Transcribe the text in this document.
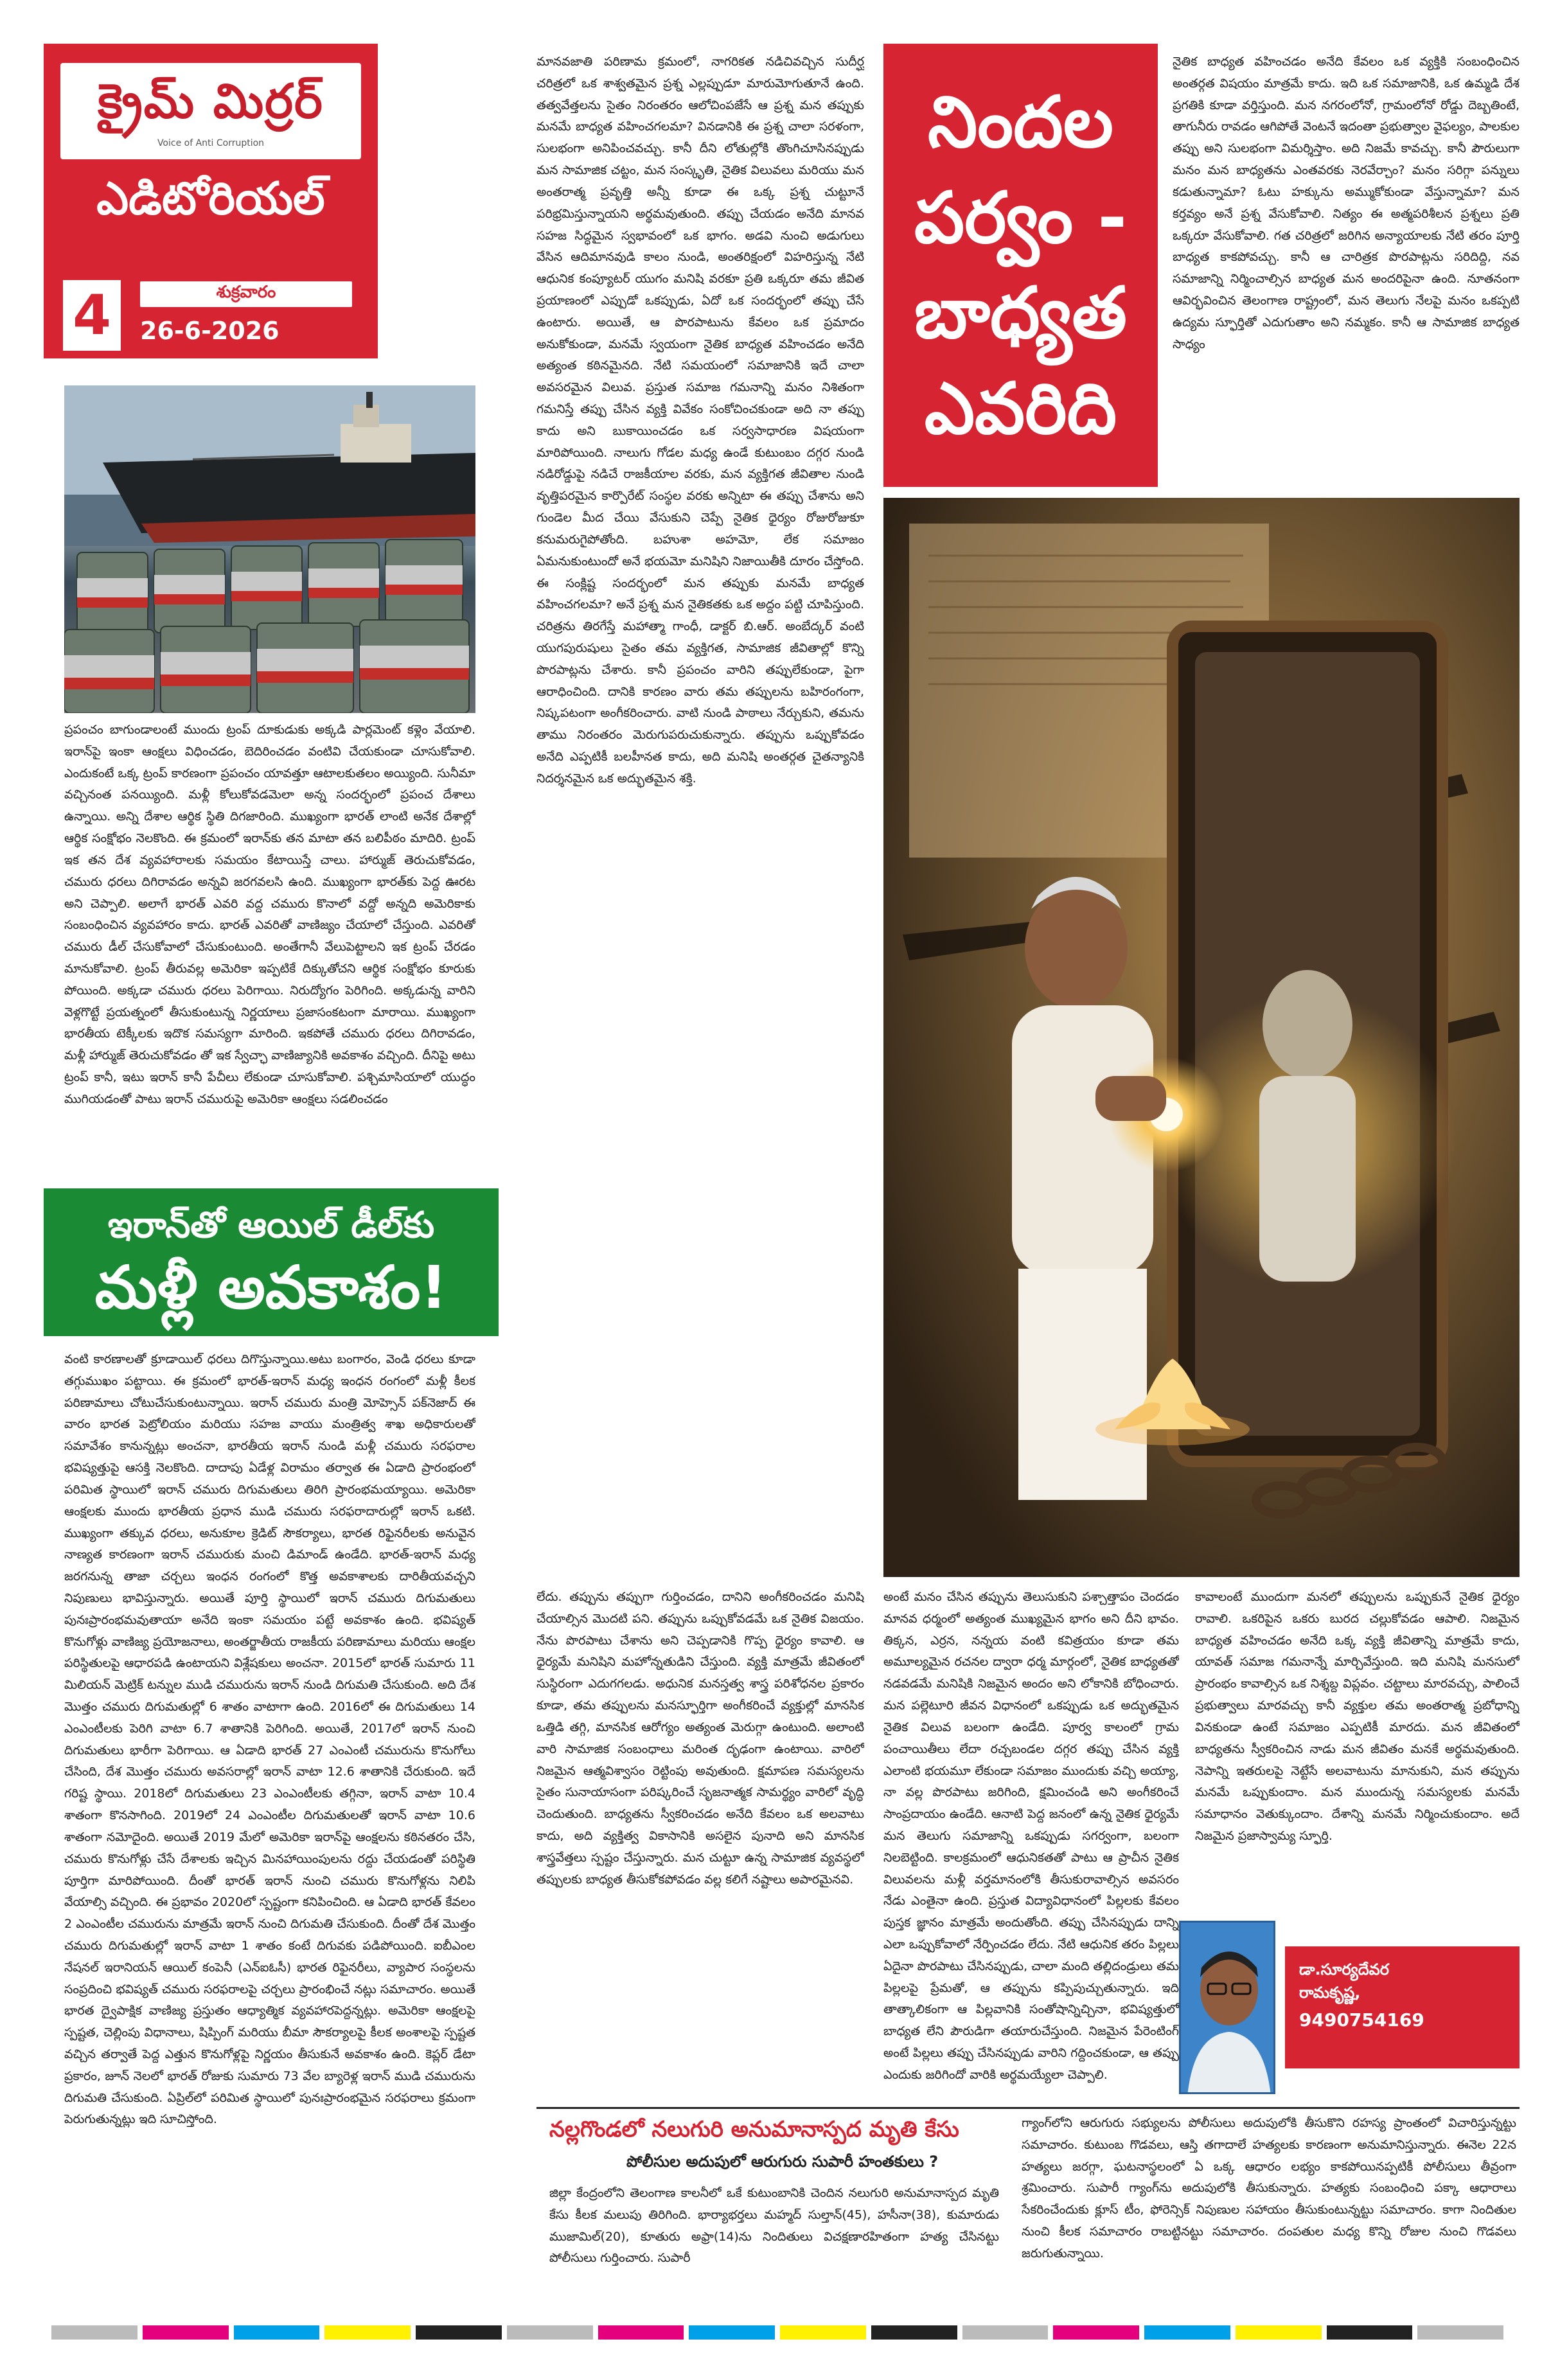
క్రైమ్ మిర్రర్
Voice of Anti Corruption
ఎడిటోరియల్
4	శుక్రవారం
26-6-2026

ప్రపంచం బాగుండాలంటే ముందు ట్రంప్ దూకుడుకు అక్కడి పార్లమెంట్ కళ్లెం వేయాలి. ఇరాన్‌పై ఇంకా ఆంక్షలు విధించడం, బెదిరించడం వంటివి చేయకుండా చూసుకోవాలి. ఎందుకంటే ఒక్క ట్రంప్ కారణంగా ప్రపంచం యావత్తూ ఆటాలకుతలం అయ్యింది. సునీమా వచ్చినంత పనయ్యింది. మళ్లీ కోలుకోవడమెలా అన్న సందర్భంలో ప్రపంచ దేశాలు ఉన్నాయి. అన్ని దేశాల ఆర్థిక స్థితి దిగజారింది. ముఖ్యంగా భారత్ లాంటి అనేక దేశాల్లో ఆర్థిక సంక్షోభం నెలకొంది. ఈ క్రమంలో ఇరాన్‌కు తన మాటా తన బలిపీఠం మాదిరి. ట్రంప్ ఇక తన దేశ వ్యవహారాలకు సమయం కేటాయిస్తే చాలు. హార్ముజ్ తెరుచుకోవడం, చమురు ధరలు దిగిరావడం అన్నవి జరగవలసి ఉంది. ముఖ్యంగా భారత్‌కు పెద్ద ఊరట అని చెప్పాలి. అలాగే భారత్ ఎవరి వద్ద చమురు కొనాలో వద్దో అన్నది అమెరికాకు సంబంధించిన వ్యవహారం కాదు. భారత్ ఎవరితో వాణిజ్యం చేయాలో చేస్తుంది. ఎవరితో చమురు డీల్ చేసుకోవాలో చేసుకుంటుంది. అంతేగానీ వేలుపెట్టాలని ఇక ట్రంప్ చేరడం మానుకోవాలి. ట్రంప్ తీరువల్ల అమెరికా ఇప్పటికే దిక్కుతోచని ఆర్థిక సంక్షోభం కూరుకు పోయింది. అక్కడా చమురు ధరలు పెరిగాయి. నిరుద్యోగం పెరిగింది. అక్కడున్న వారిని వెళ్లగొట్టే ప్రయత్నంలో తీసుకుంటున్న నిర్ణయాలు ప్రజాసంకటంగా మారాయి. ముఖ్యంగా భారతీయ టెక్కీలకు ఇదొక సమస్యగా మారింది. ఇకపోతే చమురు ధరలు దిగిరావడం, మళ్లీ హార్ముజ్ తెరుచుకోవడం తో ఇక స్వేచ్ఛా వాణిజ్యానికి అవకాశం వచ్చింది. దీనిపై అటు ట్రంప్ కానీ, ఇటు ఇరాన్ కానీ పేచీలు లేకుండా చూసుకోవాలి. పశ్చిమాసియాలో యుద్ధం ముగియడంతో పాటు ఇరాన్ చమురుపై అమెరికా ఆంక్షలు సడలించడం

ఇరాన్‌తో ఆయిల్ డీల్‌కు
మళ్లీ అవకాశం!

వంటి కారణాలతో క్రూడాయిల్ ధరలు దిగొస్తున్నాయి.అటు బంగారం, వెండి ధరలు కూడా తగ్గుముఖం పట్టాయి. ఈ క్రమంలో భారత్-ఇరాన్ మధ్య ఇంధన రంగంలో మళ్లీ కీలక పరిణామాలు చోటుచేసుకుంటున్నాయి. ఇరాన్ చమురు మంత్రి మోహ్సెన్ పక్‌నెజాద్ ఈ వారం భారత పెట్రోలియం మరియు సహజ వాయు మంత్రిత్వ శాఖ అధికారులతో సమావేశం కానున్నట్లు అంచనా, భారతీయ ఇరాన్ నుండి మళ్లీ చమురు సరఫరాల భవిష్యత్తుపై ఆసక్తి నెలకొంది. దాదాపు ఏడేళ్ల విరామం తర్వాత ఈ ఏడాది ప్రారంభంలో పరిమిత స్థాయిలో ఇరాన్ చమురు దిగుమతులు తిరిగి ప్రారంభమయ్యాయి. అమెరికా ఆంక్షలకు ముందు భారతీయ ప్రధాన ముడి చమురు సరఫరాదారుల్లో ఇరాన్ ఒకటి. ముఖ్యంగా తక్కువ ధరలు, అనుకూల క్రెడిట్ సౌకర్యాలు, భారత రిఫైనరీలకు అనువైన నాణ్యత కారణంగా ఇరాన్ చమురుకు మంచి డిమాండ్ ఉండేది. భారత్-ఇరాన్ మధ్య జరగనున్న తాజా చర్చలు ఇంధన రంగంలో కొత్త అవకాశాలకు దారితీయవచ్చని నిపుణులు భావిస్తున్నారు. అయితే పూర్తి స్థాయిలో ఇరాన్ చమురు దిగుమతులు పునఃప్రారంభమవుతాయా అనేది ఇంకా సమయం పట్టే అవకాశం ఉంది. భవిష్యత్ కొనుగోళ్లు వాణిజ్య ప్రయోజనాలు, అంతర్జాతీయ రాజకీయ పరిణామాలు మరియు ఆంక్షల పరిస్థితులపై ఆధారపడి ఉంటాయని విశ్లేషకులు అంచనా. 2015లో భారత్ సుమారు 11 మిలియన్ మెట్రిక్ టన్నుల ముడి చమురును ఇరాన్ నుండి దిగుమతి చేసుకుంది. అది దేశ మొత్తం చమురు దిగుమతుల్లో 6 శాతం వాటాగా ఉంది. 2016లో ఈ దిగుమతులు 14 ఎంఎంటీలకు పెరిగి వాటా 6.7 శాతానికి పెరిగింది. అయితే, 2017లో ఇరాన్ నుంచి దిగుమతులు భారీగా పెరిగాయి. ఆ ఏడాది భారత్ 27 ఎంఎంటీ చమురును కొనుగోలు చేసింది, దేశ మొత్తం చమురు అవసరాల్లో ఇరాన్ వాటా 12.6 శాతానికి చేరుకుంది. ఇదే గరిష్ట స్థాయి. 2018లో దిగుమతులు 23 ఎంఎంటీలకు తగ్గినా, ఇరాన్ వాటా 10.4 శాతంగా కొనసాగింది. 2019లో 24 ఎంఎంటీల దిగుమతులతో ఇరాన్ వాటా 10.6 శాతంగా నమోదైంది. అయితే 2019 మేలో అమెరికా ఇరాన్‌పై ఆంక్షలను కఠినతరం చేసి, చమురు కొనుగోళ్లు చేసే దేశాలకు ఇచ్చిన మినహాయింపులను రద్దు చేయడంతో పరిస్థితి పూర్తిగా మారిపోయింది. దీంతో భారత్ ఇరాన్ నుంచి చమురు కొనుగోళ్లను నిలిపి వేయాల్సి వచ్చింది. ఈ ప్రభావం 2020లో స్పష్టంగా కనిపించింది. ఆ ఏడాది భారత్ కేవలం 2 ఎంఎంటీల చమురును మాత్రమే ఇరాన్ నుంచి దిగుమతి చేసుకుంది. దీంతో దేశ మొత్తం చమురు దిగుమతుల్లో ఇరాన్ వాటా 1 శాతం కంటే దిగువకు పడిపోయింది. ఐబీఎంల నేషనల్ ఇరానియన్ ఆయిల్ కంపెనీ (ఎన్ఐఓసీ) భారత రిఫైనరీలు, వ్యాపార సంస్థలను సంప్రదించి భవిష్యత్ చమురు సరఫరాలపై చర్చలు ప్రారంభించే నట్లు సమాచారం. అయితే భారత ద్వైపాక్షిక వాణిజ్య ప్రస్తుతం ఆధ్యాత్మిక వ్యవహారపెద్దన్నట్లు. అమెరికా ఆంక్షలపై స్పష్టత, చెల్లింపు విధానాలు, షిప్పింగ్ మరియు బీమా సౌకర్యాలపై కీలక అంశాలపై స్పష్టత వచ్చిన తర్వాతే పెద్ద ఎత్తున కొనుగోళ్లపై నిర్ణయం తీసుకునే అవకాశం ఉంది. కెప్లర్ డేటా ప్రకారం, జూన్ నెలలో భారత్ రోజుకు సుమారు 73 వేల బ్యారెళ్ల ఇరాన్ ముడి చమురును దిగుమతి చేసుకుంది. ఏప్రిల్‌లో పరిమిత స్థాయిలో పునఃప్రారంభమైన సరఫరాలు క్రమంగా పెరుగుతున్నట్లు ఇది సూచిస్తోంది.

మానవజాతి పరిణామ క్రమంలో, నాగరికత నడిచివచ్చిన సుదీర్ఘ చరిత్రలో ఒక శాశ్వతమైన ప్రశ్న ఎల్లప్పుడూ మారుమోగుతూనే ఉంది. తత్వవేత్తలను సైతం నిరంతరం ఆలోచింపజేసే ఆ ప్రశ్న మన తప్పుకు మనమే బాధ్యత వహించగలమా? వినడానికి ఈ ప్రశ్న చాలా సరళంగా, సులభంగా అనిపించవచ్చు. కానీ దీని లోతుల్లోకి తొంగిచూసినప్పుడు మన సామాజిక చట్టం, మన సంస్కృతి, నైతిక విలువలు మరియు మన అంతరాత్మ ప్రవృత్తి అన్నీ కూడా ఈ ఒక్క ప్రశ్న చుట్టూనే పరిభ్రమిస్తున్నాయని అర్థమవుతుంది. తప్పు చేయడం అనేది మానవ సహజ సిద్ధమైన స్వభావంలో ఒక భాగం. అడవి నుంచి అడుగులు వేసిన ఆదిమానవుడి కాలం నుండి, అంతరిక్షంలో విహరిస్తున్న నేటి ఆధునిక కంప్యూటర్ యుగం మనిషి వరకూ ప్రతి ఒక్కరూ తమ జీవిత ప్రయాణంలో ఎప్పుడో ఒకప్పుడు, ఏదో ఒక సందర్భంలో తప్పు చేసే ఉంటారు. అయితే, ఆ పొరపాటును కేవలం ఒక ప్రమాదం అనుకోకుండా, మనమే స్వయంగా నైతిక బాధ్యత వహించడం అనేది అత్యంత కఠినమైనది. నేటి సమయంలో సమాజానికి ఇదే చాలా అవసరమైన విలువ. ప్రస్తుత సమాజ గమనాన్ని మనం నిశితంగా గమనిస్తే తప్పు చేసిన వ్యక్తి వివేకం సంకోచించకుండా అది నా తప్పు కాదు అని బుకాయించడం ఒక సర్వసాధారణ విషయంగా మారిపోయింది. నాలుగు గోడల మధ్య ఉండే కుటుంబం దగ్గర నుండి నడిరోడ్డుపై నడిచే రాజకీయాల వరకు, మన వ్యక్తిగత జీవితాల నుండి వృత్తిపరమైన కార్పొరేట్ సంస్థల వరకు అన్నిటా ఈ తప్పు చేశాను అని గుండెల మీద చేయి వేసుకుని చెప్పే నైతిక ధైర్యం రోజురోజుకూ కనుమరుగైపోతోంది. బహుశా అహమో, లేక సమాజం ఏమనుకుంటుందో అనే భయమో మనిషిని నిజాయితీకి దూరం చేస్తోంది. ఈ సంక్లిష్ట సందర్భంలో మన తప్పుకు మనమే బాధ్యత వహించగలమా? అనే ప్రశ్న మన నైతికతకు ఒక అద్దం పట్టి చూపిస్తుంది. చరిత్రను తిరగేస్తే మహాత్మా గాంధీ, డాక్టర్ బి.ఆర్. అంబేద్కర్ వంటి యుగపురుషులు సైతం తమ వ్యక్తిగత, సామాజిక జీవితాల్లో కొన్ని పొరపాట్లను చేశారు. కానీ ప్రపంచం వారిని తప్పులేకుండా, పైగా ఆరాధించింది. దానికి కారణం వారు తమ తప్పులను బహిరంగంగా, నిష్కపటంగా అంగీకరించారు. వాటి నుండి పాఠాలు నేర్చుకుని, తమను తాము నిరంతరం మెరుగుపరుచుకున్నారు. తప్పును ఒప్పుకోవడం అనేది ఎప్పటికీ బలహీనత కాదు, అది మనిషి అంతర్గత చైతన్యానికి నిదర్శనమైన ఒక అద్భుతమైన శక్తి.

నిందల
పర్వం -
బాధ్యత
ఎవరిది

నైతిక బాధ్యత వహించడం అనేది కేవలం ఒక వ్యక్తికి సంబంధించిన అంతర్గత విషయం మాత్రమే కాదు. ఇది ఒక సమాజానికి, ఒక ఉమ్మడి దేశ ప్రగతికి కూడా వర్తిస్తుంది. మన నగరంలోనో, గ్రామంలోనో రోడ్డు దెబ్బతింటే, తాగునీరు రావడం ఆగిపోతే వెంటనే ఇదంతా ప్రభుత్వాల వైఫల్యం, పాలకుల తప్పు అని సులభంగా విమర్శిస్తాం. అది నిజమే కావచ్చు. కానీ పౌరులుగా మనం మన బాధ్యతను ఎంతవరకు నెరవేర్చాం? మనం సరిగ్గా పన్నులు కడుతున్నామా? ఓటు హక్కును అమ్ముకోకుండా వేస్తున్నామా? మన కర్తవ్యం అనే ప్రశ్న వేసుకోవాలి. నిత్యం ఈ అత్మపరిశీలన ప్రశ్నలు ప్రతి ఒక్కరూ వేసుకోవాలి. గత చరిత్రలో జరిగిన అన్యాయాలకు నేటి తరం పూర్తి బాధ్యత కాకపోవచ్చు. కానీ ఆ చారిత్రక పొరపాట్లను సరిదిద్ది, నవ సమాజాన్ని నిర్మించాల్సిన బాధ్యత మన అందరిపైనా ఉంది. నూతనంగా ఆవిర్భవించిన తెలంగాణ రాష్ట్రంలో, మన తెలుగు నేలపై మనం ఒకప్పటి ఉద్యమ స్ఫూర్తితో ఎదుగుతాం అని నమ్మకం. కానీ ఆ సామాజిక బాధ్యత సాధ్యం

అంటే మనం చేసిన తప్పును తెలుసుకుని పశ్చాత్తాపం చెందడం మానవ ధర్మంలో అత్యంత ముఖ్యమైన భాగం అని దీని భావం. తిక్కన, ఎర్రన, నన్నయ వంటి కవిత్రయం కూడా తమ అమూల్యమైన రచనల ద్వారా ధర్మ మార్గంలో, నైతిక బాధ్యతతో నడవడమే మనిషికి నిజమైన అందం అని లోకానికి బోధించారు. మన పల్లెటూరి జీవన విధానంలో ఒకప్పుడు ఒక అద్భుతమైన నైతిక విలువ బలంగా ఉండేది. పూర్వ కాలంలో గ్రామ పంచాయితీలు లేదా రచ్చబండల దగ్గర తప్పు చేసిన వ్యక్తి ఎలాంటి భయమూ లేకుండా సమాజం ముందుకు వచ్చి అయ్యా, నా వల్ల పొరపాటు జరిగింది, క్షమించండి అని అంగీకరించే సాంప్రదాయం ఉండేది. ఆనాటి పెద్ద జనంలో ఉన్న నైతిక ధైర్యమే మన తెలుగు సమాజాన్ని ఒకప్పుడు సగర్వంగా, బలంగా నిలబెట్టింది. కాలక్రమంలో ఆధునికతతో పాటు ఆ ప్రాచీన నైతిక విలువలను మళ్లీ వర్తమానంలోకి తీసుకురావాల్సిన అవసరం నేడు ఎంతైనా ఉంది. ప్రస్తుత విద్యావిధానంలో పిల్లలకు కేవలం పుస్తక జ్ఞానం మాత్రమే అందుతోంది. తప్పు చేసినప్పుడు దాన్ని ఎలా ఒప్పుకోవాలో నేర్పించడం లేదు. నేటి ఆధునిక తరం పిల్లలు ఏదైనా పొరపాటు చేసినప్పుడు, చాలా మంది తల్లిదండ్రులు తమ పిల్లలపై ప్రేమతో, ఆ తప్పును కప్పిపుచ్చుతున్నారు. ఇది తాత్కాలికంగా ఆ పిల్లవానికి సంతోషాన్నిచ్చినా, భవిష్యత్తులో బాధ్యత లేని పౌరుడిగా తయారుచేస్తుంది. నిజమైన పేరెంటింగ్ అంటే పిల్లలు తప్పు చేసినప్పుడు వారిని గద్దించకుండా, ఆ తప్పు ఎందుకు జరిగిందో వారికి అర్థమయ్యేలా చెప్పాలి.

కావాలంటే ముందుగా మనలో తప్పులను ఒప్పుకునే నైతిక ధైర్యం రావాలి. ఒకరిపైన ఒకరు బురద చల్లుకోవడం ఆపాలి. నిజమైన బాధ్యత వహించడం అనేది ఒక్క వ్యక్తి జీవితాన్ని మాత్రమే కాదు, యావత్ సమాజ గమనాన్నే మార్చివేస్తుంది. ఇది మనిషి మనసులో ప్రారంభం కావాల్సిన ఒక నిశ్శబ్ద విప్లవం. చట్టాలు మారవచ్చు, పాలించే ప్రభుత్వాలు మారవచ్చు కానీ వ్యక్తుల తమ అంతరాత్మ ప్రబోధాన్ని వినకుండా ఉంటే సమాజం ఎప్పటికీ మారదు. మన జీవితంలో బాధ్యతను స్వీకరించిన నాడు మన జీవితం మనకే అర్థమవుతుంది. నెపాన్ని ఇతరులపై నెట్టేసే అలవాటును మానుకుని, మన తప్పును మనమే ఒప్పుకుందాం. మన ముందున్న సమస్యలకు మనమే సమాధానం వెతుక్కుందాం. దేశాన్ని మనమే నిర్మించుకుందాం. అదే నిజమైన ప్రజాస్వామ్య స్ఫూర్తి.

లేదు. తప్పును తప్పుగా గుర్తించడం, దానిని అంగీకరించడం మనిషి చేయాల్సిన మొదటి పని. తప్పును ఒప్పుకోవడమే ఒక నైతిక విజయం. నేను పొరపాటు చేశాను అని చెప్పడానికి గొప్ప ధైర్యం కావాలి. ఆ ధైర్యమే మనిషిని మహోన్నతుడిని చేస్తుంది. వ్యక్తి మాత్రమే జీవితంలో సుస్థిరంగా ఎదుగగలడు. అధునిక మనస్తత్వ శాస్త్ర పరిశోధనల ప్రకారం కూడా, తమ తప్పులను మనస్ఫూర్తిగా అంగీకరించే వ్యక్తుల్లో మానసిక ఒత్తిడి తగ్గి, మానసిక ఆరోగ్యం అత్యంత మెరుగ్గా ఉంటుంది. అలాంటి వారి సామాజిక సంబంధాలు మరింత దృఢంగా ఉంటాయి. వారిలో నిజమైన ఆత్మవిశ్వాసం రెట్టింపు అవుతుంది. క్షమాపణ సమస్యలను సైతం సునాయాసంగా పరిష్కరించే సృజనాత్మక సామర్థ్యం వారిలో వృద్ధి చెందుతుంది. బాధ్యతను స్వీకరించడం అనేది కేవలం ఒక అలవాటు కాదు, అది వ్యక్తిత్వ వికాసానికి అసలైన పునాది అని మానసిక శాస్త్రవేత్తలు స్పష్టం చేస్తున్నారు. మన చుట్టూ ఉన్న సామాజిక వ్యవస్థలో తప్పులకు బాధ్యత తీసుకోకపోవడం వల్ల కలిగే నష్టాలు అపారమైనవి.

డా.సూర్యదేవర
రామకృష్ణ,
9490754169
నల్లగొండలో నలుగురి అనుమానాస్పద మృతి కేసు
పోలీసుల అదుపులో ఆరుగురు సుపారీ హంతకులు ?

జిల్లా కేంద్రంలోని తెలంగాణ కాలనీలో ఒకే కుటుంబానికి చెందిన నలుగురి అనుమానాస్పద మృతి కేసు కీలక మలుపు తిరిగింది. భార్యాభర్తలు మహ్మద్ సుల్తాన్(45), హసీనా(38), కుమారుడు ముజామిల్(20), కూతురు అఫ్రా(14)ను నిందితులు విచక్షణారహితంగా హత్య చేసినట్టు పోలీసులు గుర్తించారు. సుపారీ

గ్యాంగ్‌లోని ఆరుగురు సభ్యులను పోలీసులు అదుపులోకి తీసుకొని రహస్య ప్రాంతంలో విచారిస్తున్నట్టు సమాచారం. కుటుంబ గొడవలు, ఆస్తి తగాదాలే హత్యలకు కారణంగా అనుమానిస్తున్నారు. ఈనెల 22న హత్యలు జరగ్గా, ఘటనాస్థలంలో ఏ ఒక్క ఆధారం లభ్యం కాకపోయినప్పటికీ పోలీసులు తీవ్రంగా శ్రమించారు. సుపారీ గ్యాంగ్‌ను అదుపులోకి తీసుకున్నారు. హత్యకు సంబంధించి పక్కా ఆధారాలు సేకరించేందుకు క్లూస్ టీం, ఫోరెన్సిక్ నిపుణుల సహాయం తీసుకుంటున్నట్టు సమాచారం. కాగా నిందితుల నుంచి కీలక సమాచారం రాబట్టినట్టు సమాచారం. దంపతుల మధ్య కొన్ని రోజుల నుంచి గొడవలు జరుగుతున్నాయి.
